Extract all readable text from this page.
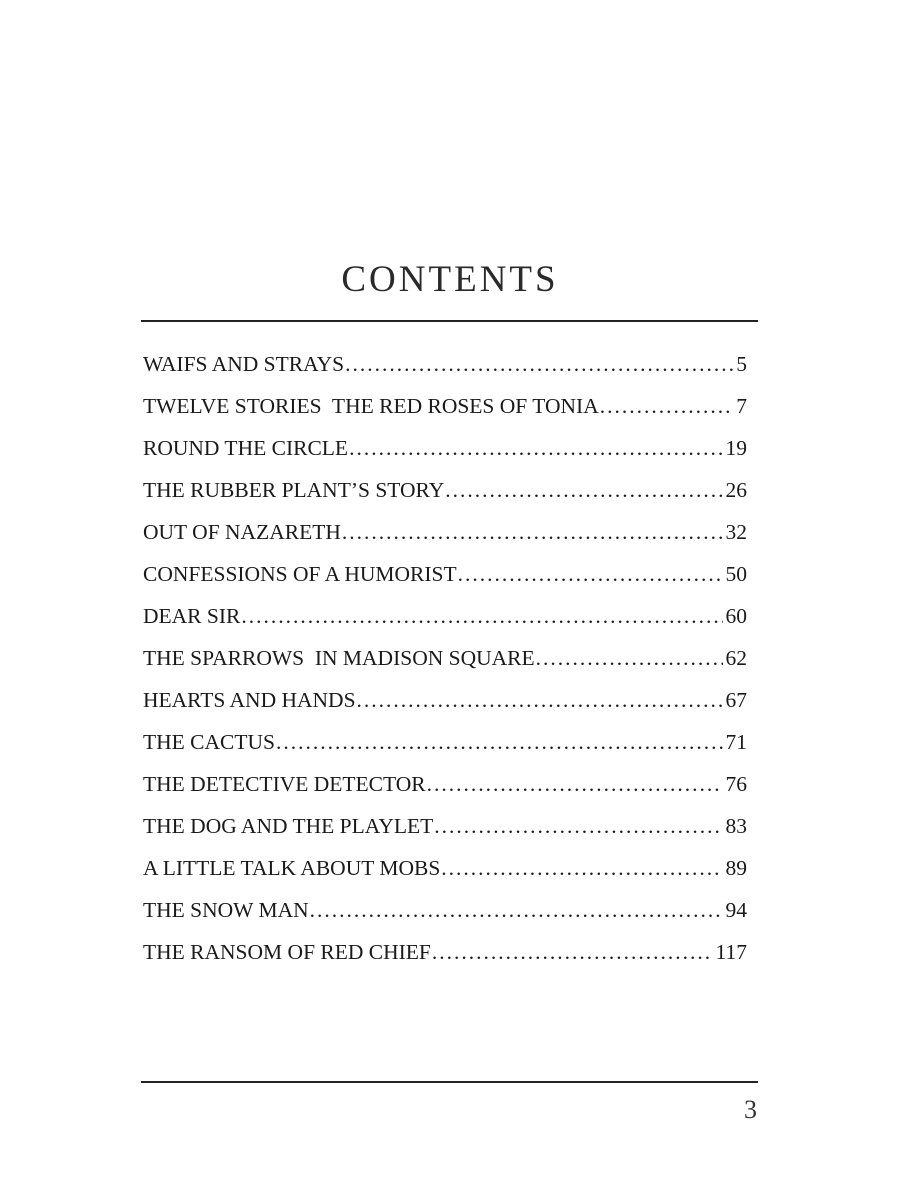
CONTENTS
WAIFS AND STRAYS .....	5
TWELVE STORIES  THE RED ROSES OF TONIA .....	7
ROUND THE CIRCLE .....	19
THE RUBBER PLANT’S STORY .....	26
OUT OF NAZARETH .....	32
CONFESSIONS OF A HUMORIST .....	50
DEAR SIR .....	60
THE SPARROWS  IN MADISON SQUARE .....	62
HEARTS AND HANDS .....	67
THE CACTUS .....	71
THE DETECTIVE DETECTOR .....	76
THE DOG AND THE PLAYLET .....	83
A LITTLE TALK ABOUT MOBS .....	89
THE SNOW MAN .....	94
THE RANSOM OF RED CHIEF .....	117
3
